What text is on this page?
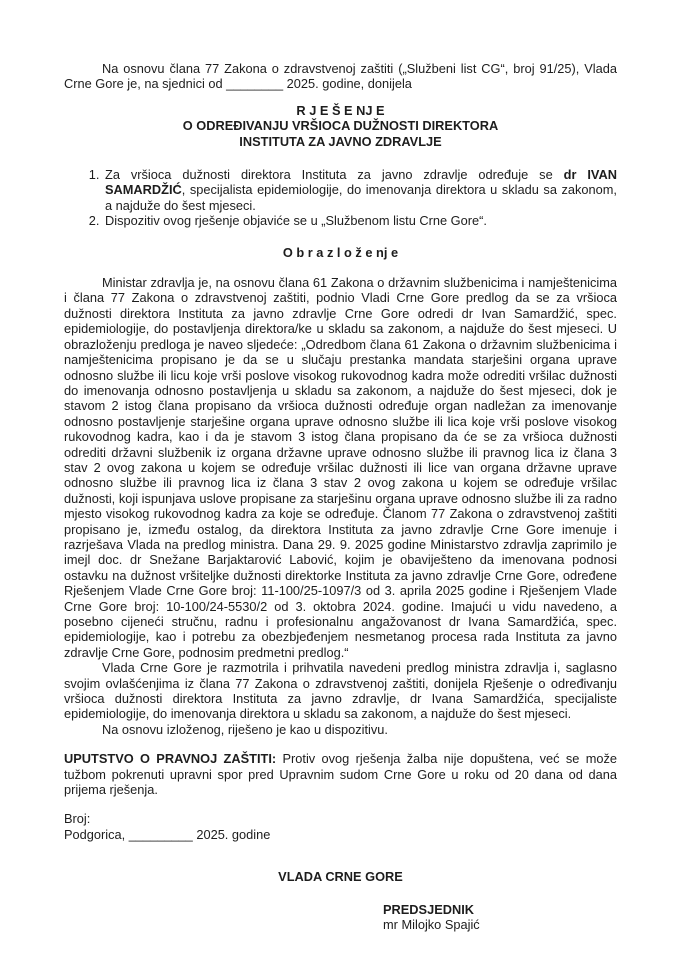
Na osnovu člana 77 Zakona o zdravstvenoj zaštiti („Službeni list CG“, broj 91/25), Vlada Crne Gore je, na sjednici od ________ 2025. godine, donijela

R J E Š E NJ E
O ODREĐIVANJU VRŠIOCA DUŽNOSTI DIREKTORA
INSTITUTA ZA JAVNO ZDRAVLJE
1. Za vršioca dužnosti direktora Instituta za javno zdravlje određuje se dr IVAN SAMARDŽIĆ, specijalista epidemiologije, do imenovanja direktora u skladu sa zakonom, a najduže do šest mjeseci.
2. Dispozitiv ovog rješenje objaviće se u „Službenom listu Crne Gore“.
O b r a z l o ž e nj e

Ministar zdravlja je, na osnovu člana 61 Zakona o državnim službenicima i namještenicima i člana 77 Zakona o zdravstvenoj zaštiti, podnio Vladi Crne Gore predlog da se za vršioca dužnosti direktora Instituta za javno zdravlje Crne Gore odredi dr Ivan Samardžić, spec. epidemiologije, do postavljenja direktora/ke u skladu sa zakonom, a najduže do šest mjeseci. U obrazloženju predloga je naveo sljedeće: „Odredbom člana 61 Zakona o državnim službenicima i namještenicima propisano je da se u slučaju prestanka mandata starješini organa uprave odnosno službe ili licu koje vrši poslove visokog rukovodnog kadra može odrediti vršilac dužnosti do imenovanja odnosno postavljenja u skladu sa zakonom, a najduže do šest mjeseci, dok je stavom 2 istog člana propisano da vršioca dužnosti određuje organ nadležan za imenovanje odnosno postavljenje starješine organa uprave odnosno službe ili lica koje vrši poslove visokog rukovodnog kadra, kao i da je stavom 3 istog člana propisano da će se za vršioca dužnosti odrediti državni službenik iz organa državne uprave odnosno službe ili pravnog lica iz člana 3 stav 2 ovog zakona u kojem se određuje vršilac dužnosti ili lice van organa državne uprave odnosno službe ili pravnog lica iz člana 3 stav 2 ovog zakona u kojem se određuje vršilac dužnosti, koji ispunjava uslove propisane za starješinu organa uprave odnosno službe ili za radno mjesto visokog rukovodnog kadra za koje se određuje. Članom 77 Zakona o zdravstvenoj zaštiti propisano je, između ostalog, da direktora Instituta za javno zdravlje Crne Gore imenuje i razrješava Vlada na predlog ministra. Dana 29. 9. 2025 godine Ministarstvo zdravlja zaprimilo je imejl doc. dr Snežane Barjaktarović Labović, kojim je obaviješteno da imenovana podnosi ostavku na dužnost vršiteljke dužnosti direktorke Instituta za javno zdravlje Crne Gore, određene Rješenjem Vlade Crne Gore broj: 11-100/25-1097/3 od 3. aprila 2025 godine i Rješenjem Vlade Crne Gore broj: 10-100/24-5530/2 od 3. oktobra 2024. godine. Imajući u vidu navedeno, a posebno cijeneći stručnu, radnu i profesionalnu angažovanost dr Ivana Samardžića, spec. epidemiologije, kao i potrebu za obezbjeđenjem nesmetanog procesa rada Instituta za javno zdravlje Crne Gore, podnosim predmetni predlog.“

Vlada Crne Gore je razmotrila i prihvatila navedeni predlog ministra zdravlja i, saglasno svojim ovlašćenjima iz člana 77 Zakona o zdravstvenoj zaštiti, donijela Rješenje o određivanju vršioca dužnosti direktora Instituta za javno zdravlje, dr Ivana Samardžića, specijaliste epidemiologije, do imenovanja direktora u skladu sa zakonom, a najduže do šest mjeseci.

Na osnovu izloženog, riješeno je kao u dispozitivu.

UPUTSTVO O PRAVNOJ ZAŠTITI: Protiv ovog rješenja žalba nije dopuštena, već se može tužbom pokrenuti upravni spor pred Upravnim sudom Crne Gore u roku od 20 dana od dana prijema rješenja.

Broj:
Podgorica, _________ 2025. godine
VLADA CRNE GORE
PREDSJEDNIK
mr Milojko Spajić
